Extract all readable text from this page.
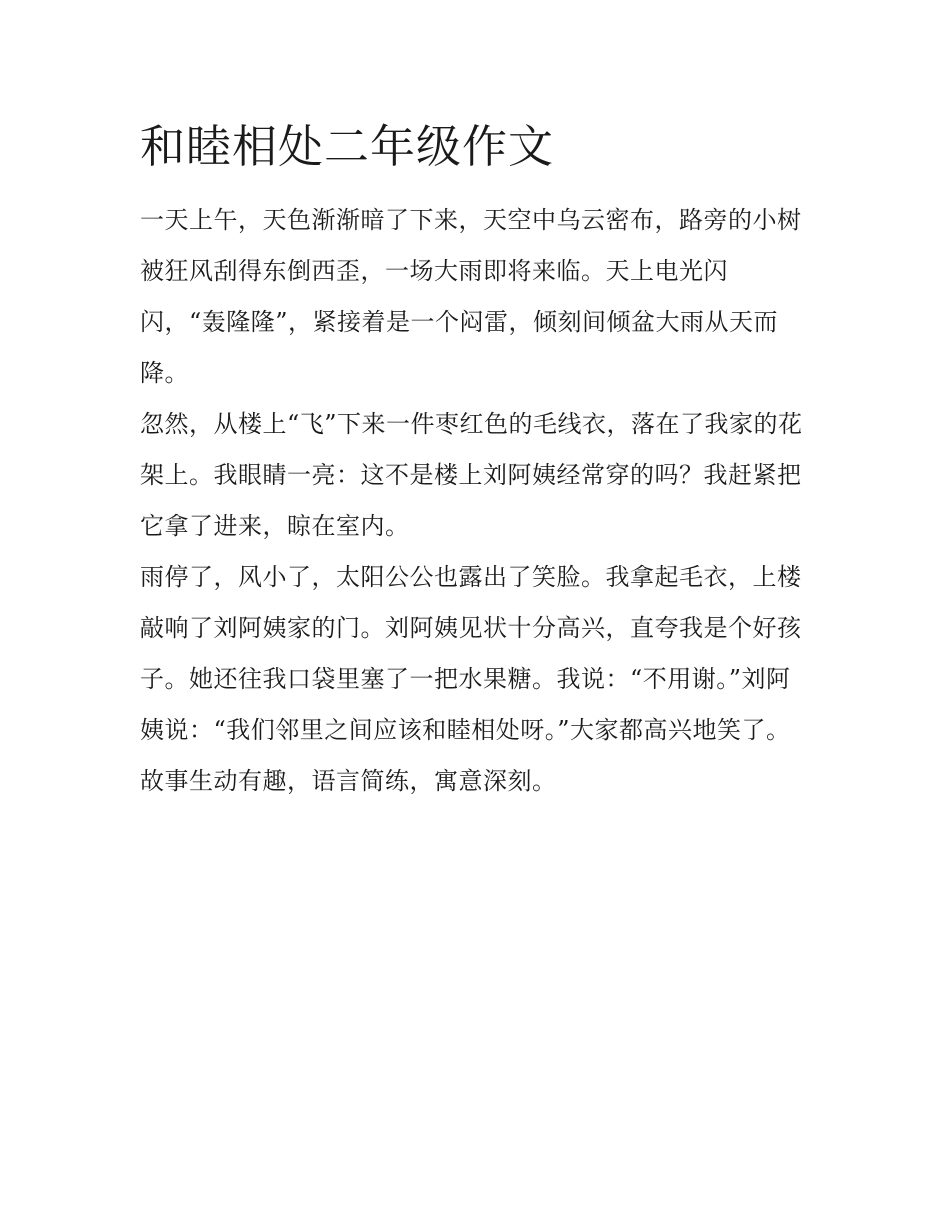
和睦相处二年级作文

一天上午，天色渐渐暗了下来，天空中乌云密布，路旁的小树

被狂风刮得东倒西歪，一场大雨即将来临。天上电光闪

闪，“轰隆隆”，紧接着是一个闷雷，倾刻间倾盆大雨从天而

降。

忽然，从楼上“飞”下来一件枣红色的毛线衣，落在了我家的花

架上。我眼睛一亮：这不是楼上刘阿姨经常穿的吗？我赶紧把

它拿了进来，晾在室内。

雨停了，风小了，太阳公公也露出了笑脸。我拿起毛衣，上楼

敲响了刘阿姨家的门。刘阿姨见状十分高兴，直夸我是个好孩

子。她还往我口袋里塞了一把水果糖。我说：“不用谢。”刘阿

姨说：“我们邻里之间应该和睦相处呀。”大家都高兴地笑了。

故事生动有趣，语言简练，寓意深刻。
